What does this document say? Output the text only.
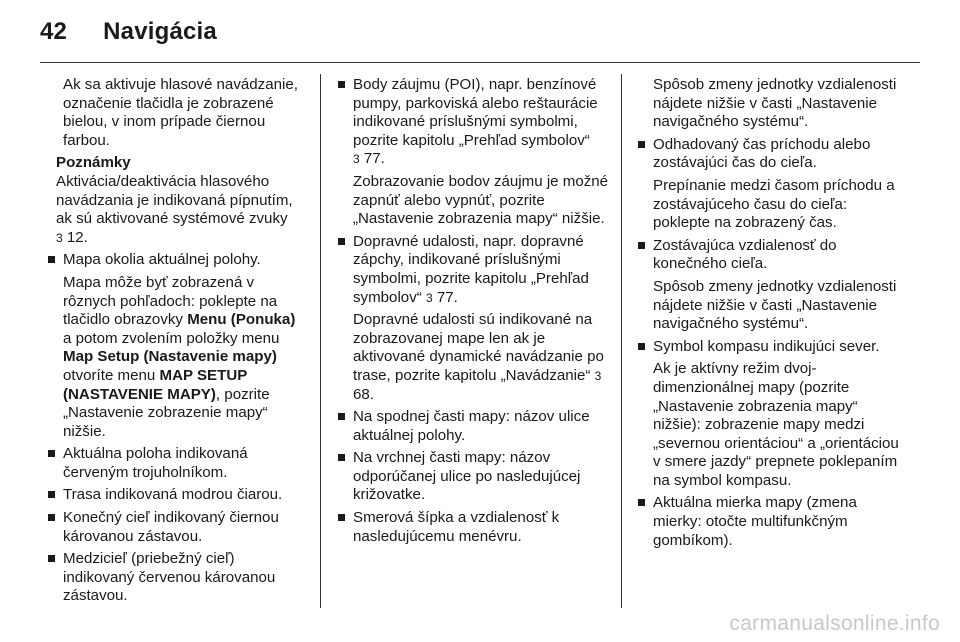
42 Navigácia

Ak sa aktivuje hlasové navádzanie, označenie tlačidla je zobrazené bielou, v inom prípade čiernou farbou.

Poznámky

Aktivácia/deaktivácia hlasového navádzania je indikovaná pípnutím, ak sú aktivované systémové zvuky
3 12.

Mapa okolia aktuálnej polohy.

Mapa môže byť zobrazená v rôznych pohľadoch: poklepte na tlačidlo obrazovky Menu (Ponuka) a potom zvolením položky menu Map Setup (Nastavenie mapy) otvoríte menu MAP SETUP (NASTAVENIE MAPY), pozrite „Nastavenie zobrazenie mapy“ nižšie.

Aktuálna poloha indikovaná červeným trojuholníkom.
Trasa indikovaná modrou čiarou.
Konečný cieľ indikovaný čiernou károvanou zástavou.
Medzicieľ (priebežný cieľ) indikovaný červenou károvanou zástavou.
Body záujmu (POI), napr. benzínové pumpy, parkoviská alebo reštaurácie indikované príslušnými symbolmi, pozrite kapitolu „Prehľad symbolov“
3 77.

Zobrazovanie bodov záujmu je možné zapnúť alebo vypnúť, pozrite „Nastavenie zobrazenia mapy“ nižšie.

Dopravné udalosti, napr. dopravné zápchy, indikované príslušnými symbolmi, pozrite kapitolu „Prehľad symbolov“ 3 77.

Dopravné udalosti sú indikované na zobrazovanej mape len ak je aktivované dynamické navádzanie po trase, pozrite kapitolu „Navádzanie“ 3 68.

Na spodnej časti mapy: názov ulice aktuálnej polohy.
Na vrchnej časti mapy: názov odporúčanej ulice po nasledujúcej križovatke.
Smerová šípka a vzdialenosť k nasledujúcemu menévru.

Spôsob zmeny jednotky vzdialenosti nájdete nižšie v časti „Nastavenie navigačného systému“.

Odhadovaný čas príchodu alebo zostávajúci čas do cieľa.

Prepínanie medzi časom príchodu a zostávajúceho času do cieľa: poklepte na zobrazený čas.

Zostávajúca vzdialenosť do konečného cieľa.

Spôsob zmeny jednotky vzdialenosti nájdete nižšie v časti „Nastavenie navigačného systému“.

Symbol kompasu indikujúci sever.

Ak je aktívny režim dvoj-dimenzionálnej mapy (pozrite „Nastavenie zobrazenia mapy“ nižšie): zobrazenie mapy medzi „severnou orientáciou“ a „orientáciou v smere jazdy“ prepnete poklepaním na symbol kompasu.

Aktuálna mierka mapy (zmena mierky: otočte multifunkčným gombíkom).
carmanualsonline.info
